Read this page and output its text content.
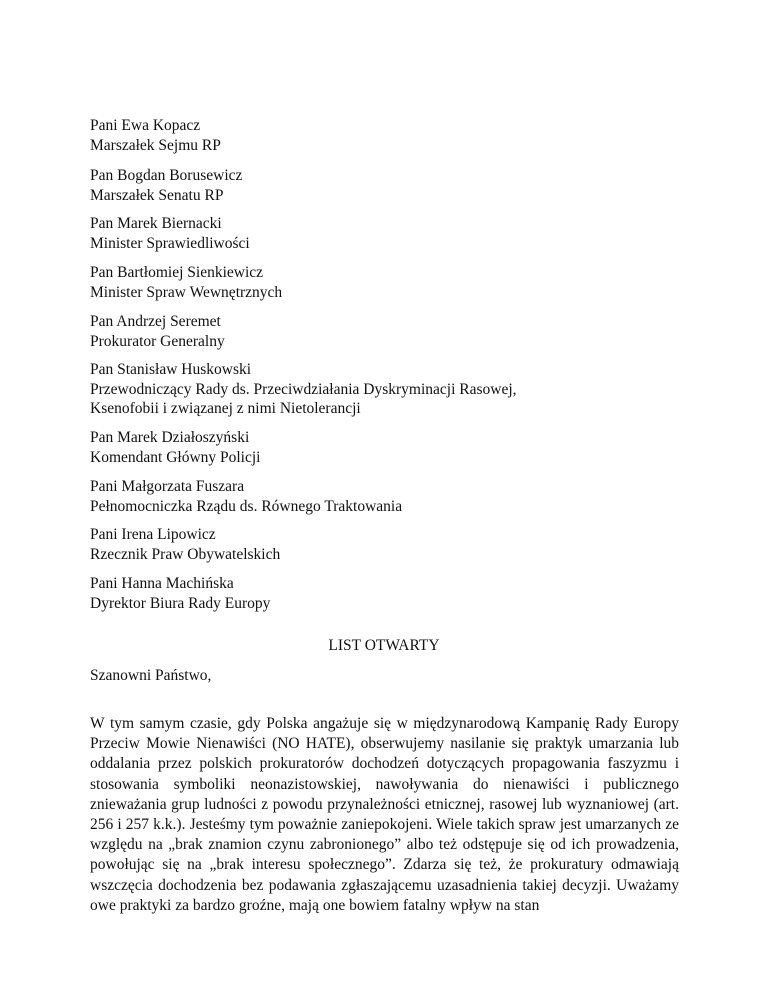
Pani Ewa Kopacz
Marszałek Sejmu RP
Pan Bogdan Borusewicz
Marszałek Senatu RP
Pan Marek Biernacki
Minister Sprawiedliwości
Pan Bartłomiej Sienkiewicz
Minister Spraw Wewnętrznych
Pan Andrzej Seremet
Prokurator Generalny
Pan Stanisław Huskowski
Przewodniczący Rady ds. Przeciwdziałania Dyskryminacji Rasowej,
Ksenofobii i związanej z nimi Nietolerancji
Pan Marek Działoszyński
Komendant Główny Policji
Pani Małgorzata Fuszara
Pełnomocniczka Rządu ds. Równego Traktowania
Pani Irena Lipowicz
Rzecznik Praw Obywatelskich
Pani Hanna Machińska
Dyrektor Biura Rady Europy
LIST OTWARTY
Szanowni Państwo,
W tym samym czasie, gdy Polska angażuje się w międzynarodową Kampanię Rady Europy Przeciw Mowie Nienawiści (NO HATE), obserwujemy nasilanie się praktyk umarzania lub oddalania przez polskich prokuratorów dochodzeń dotyczących propagowania faszyzmu i stosowania symboliki neonazistowskiej, nawoływania do nienawiści i publicznego znieważania grup ludności z powodu przynależności etnicznej, rasowej lub wyznaniowej (art. 256 i 257 k.k.). Jesteśmy tym poważnie zaniepokojeni. Wiele takich spraw jest umarzanych ze względu na „brak znamion czynu zabronionego” albo też odstępuje się od ich prowadzenia, powołując się na „brak interesu społecznego”. Zdarza się też, że prokuratury odmawiają wszczęcia dochodzenia bez podawania zgłaszającemu uzasadnienia takiej decyzji. Uważamy owe praktyki za bardzo groźne, mają one bowiem fatalny wpływ na stan
